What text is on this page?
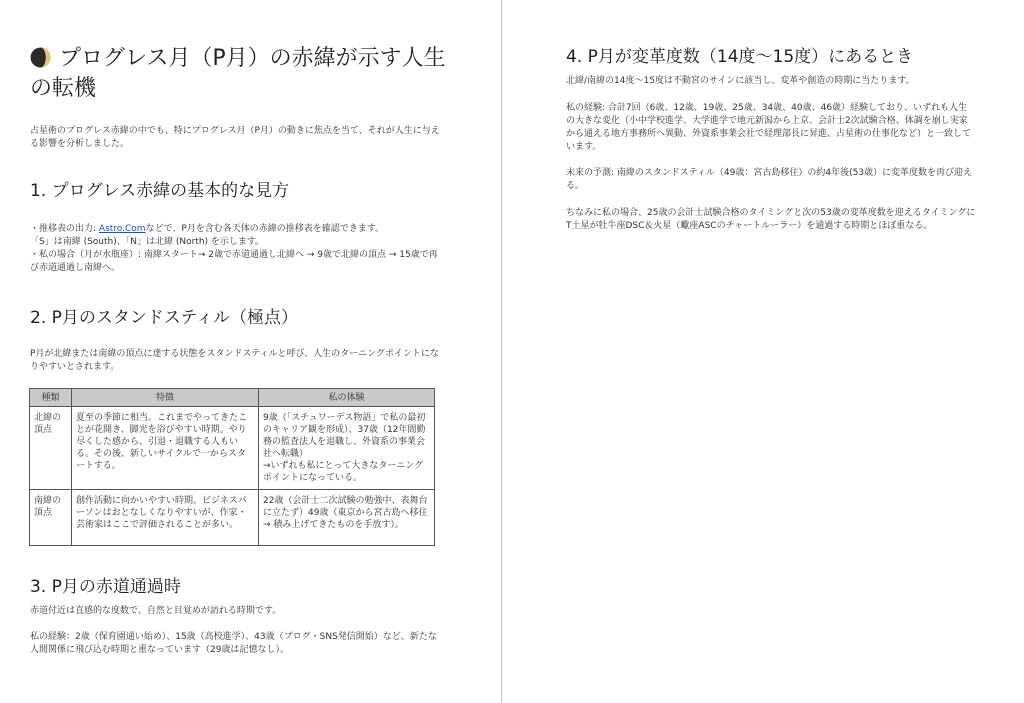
プログレス月（P月）の赤緯が示す人生の転機

占星術のプログレス赤緯の中でも、特にプログレス月（P月）の動きに焦点を当て、それが人生に与える影響を分析しました。

1. プログレス赤緯の基本的な見方

・推移表の出力: Astro.Comなどで、P月を含む各天体の赤緯の推移表を確認できます。

「S」は南緯 (South)、「N」は北緯 (North) を示します。

・私の場合（月が水瓶座）: 南緯スタート→ 2歳で赤道通過し北緯へ → 9歳で北緯の頂点 → 15歳で再び赤道通過し南緯へ。

2. P月のスタンドスティル（極点）

P月が北緯または南緯の頂点に達する状態をスタンドスティルと呼び、人生のターニングポイントになりやすいとされます。

種類	特徴	私の体験
北緯の頂点	夏至の季節に相当。これまでやってきたことが花開き、脚光を浴びやすい時期。やり尽くした感から、引退・退職する人もいる。その後、新しいサイクルで一からスタートする。	9歳（「スチュワーデス物語」で私の最初のキャリア観を形成）、37歳（12年間勤務の監査法人を退職し、外資系の事業会社へ転職）
→いずれも私にとって大きなターニングポイントになっている。
南緯の頂点	創作活動に向かいやすい時期。ビジネスパーソンはおとなしくなりやすいが、作家・芸術家はここで評価されることが多い。	22歳（会計士二次試験の勉強中、表舞台に立たず）49歳（東京から宮古島へ移住 → 積み上げてきたものを手放す）。
3. P月の赤道通過時

赤道付近は直感的な度数で、自然と目覚めが訪れる時期です。

私の経験：2歳（保育園通い始め）、15歳（高校進学）、43歳（ブログ・SNS発信開始）など、新たな人間関係に飛び込む時期と重なっています（29歳は記憶なし）。

4. P月が変革度数（14度〜15度）にあるとき

北緯/南緯の14度〜15度は不動宮のサインに該当し、変革や創造の時期に当たります。

私の経験: 合計7回（6歳、12歳、19歳、25歳、34歳、40歳、46歳）経験しており、いずれも人生の大きな変化（小中学校進学、大学進学で地元新潟から上京、会計士2次試験合格、体調を崩し実家から通える地方事務所へ異動、外資系事業会社で経理部長に昇進、占星術の仕事化など）と一致しています。

未来の予測: 南緯のスタンドスティル（49歳：宮古島移住）の約4年後(53歳）に変革度数を再び迎える。

ちなみに私の場合、25歳の会計士試験合格のタイミングと次の53歳の変革度数を迎えるタイミングにT土星が牡牛座DSC＆火星（蠍座ASCのチャートルーラー）を通過する時期とほぼ重なる。
